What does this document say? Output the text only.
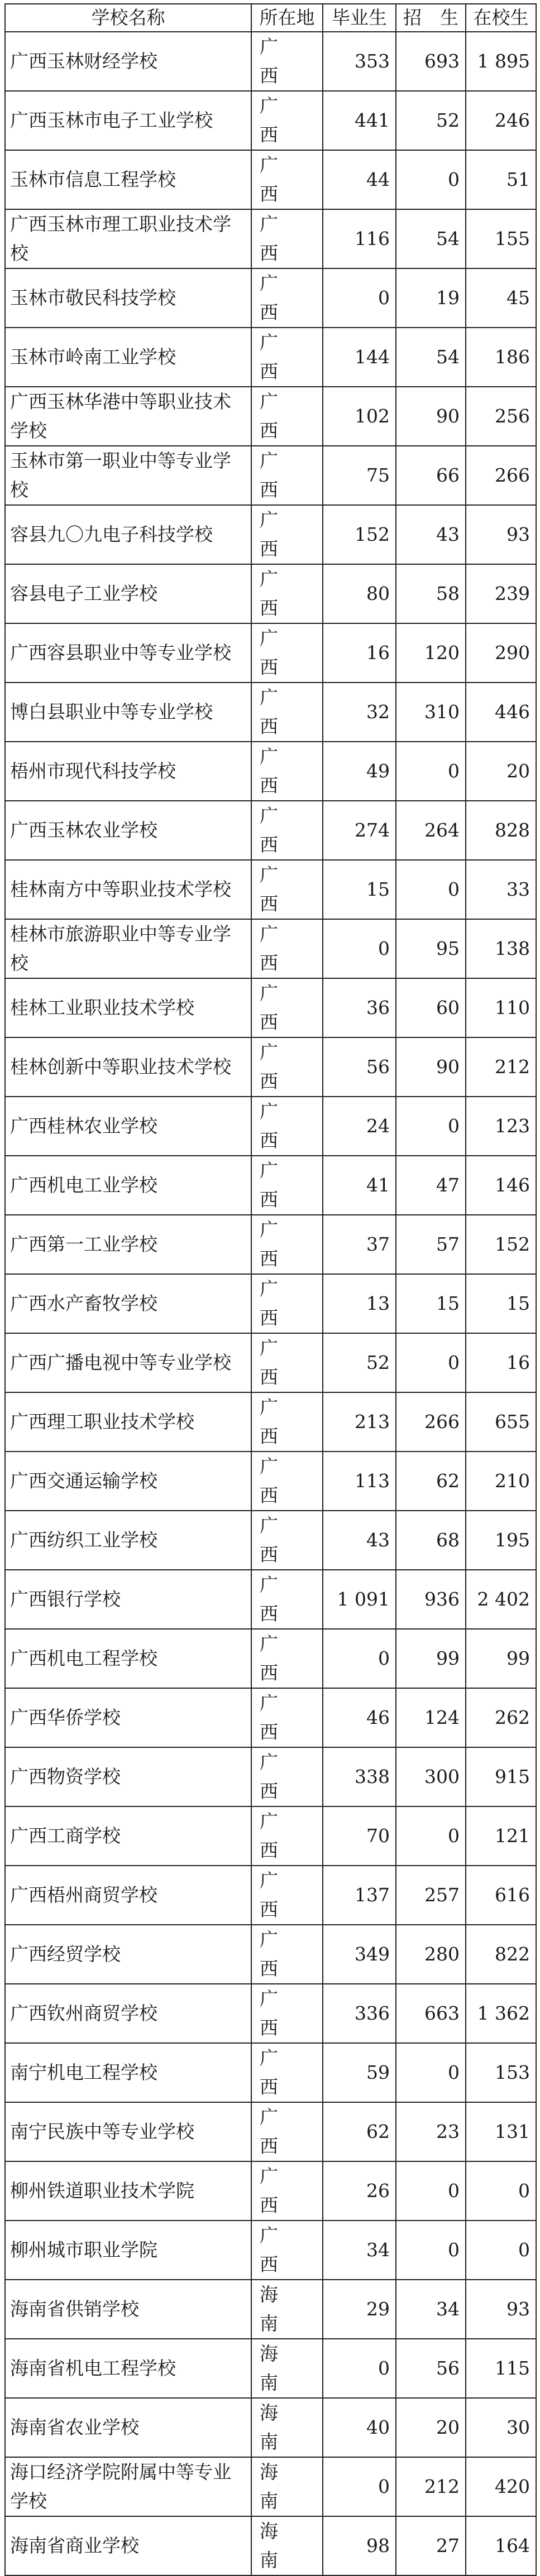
学校名称	所在地	毕业生	招　生	在校生
广西玉林财经学校	广　西	353	693	1 895
广西玉林市电子工业学校	广　西	441	52	246
玉林市信息工程学校	广　西	44	0	51
广西玉林市理工职业技术学校	广　西	116	54	155
玉林市敬民科技学校	广　西	0	19	45
玉林市岭南工业学校	广　西	144	54	186
广西玉林华港中等职业技术学校	广　西	102	90	256
玉林市第一职业中等专业学校	广　西	75	66	266
容县九〇九电子科技学校	广　西	152	43	93
容县电子工业学校	广　西	80	58	239
广西容县职业中等专业学校	广　西	16	120	290
博白县职业中等专业学校	广　西	32	310	446
梧州市现代科技学校	广　西	49	0	20
广西玉林农业学校	广　西	274	264	828
桂林南方中等职业技术学校	广　西	15	0	33
桂林市旅游职业中等专业学校	广　西	0	95	138
桂林工业职业技术学校	广　西	36	60	110
桂林创新中等职业技术学校	广　西	56	90	212
广西桂林农业学校	广　西	24	0	123
广西机电工业学校	广　西	41	47	146
广西第一工业学校	广　西	37	57	152
广西水产畜牧学校	广　西	13	15	15
广西广播电视中等专业学校	广　西	52	0	16
广西理工职业技术学校	广　西	213	266	655
广西交通运输学校	广　西	113	62	210
广西纺织工业学校	广　西	43	68	195
广西银行学校	广　西	1 091	936	2 402
广西机电工程学校	广　西	0	99	99
广西华侨学校	广　西	46	124	262
广西物资学校	广　西	338	300	915
广西工商学校	广　西	70	0	121
广西梧州商贸学校	广　西	137	257	616
广西经贸学校	广　西	349	280	822
广西钦州商贸学校	广　西	336	663	1 362
南宁机电工程学校	广　西	59	0	153
南宁民族中等专业学校	广　西	62	23	131
柳州铁道职业技术学院	广　西	26	0	0
柳州城市职业学院	广　西	34	0	0
海南省供销学校	海　南	29	34	93
海南省机电工程学校	海　南	0	56	115
海南省农业学校	海　南	40	20	30
海口经济学院附属中等专业学校	海　南	0	212	420
海南省商业学校	海　南	98	27	164
